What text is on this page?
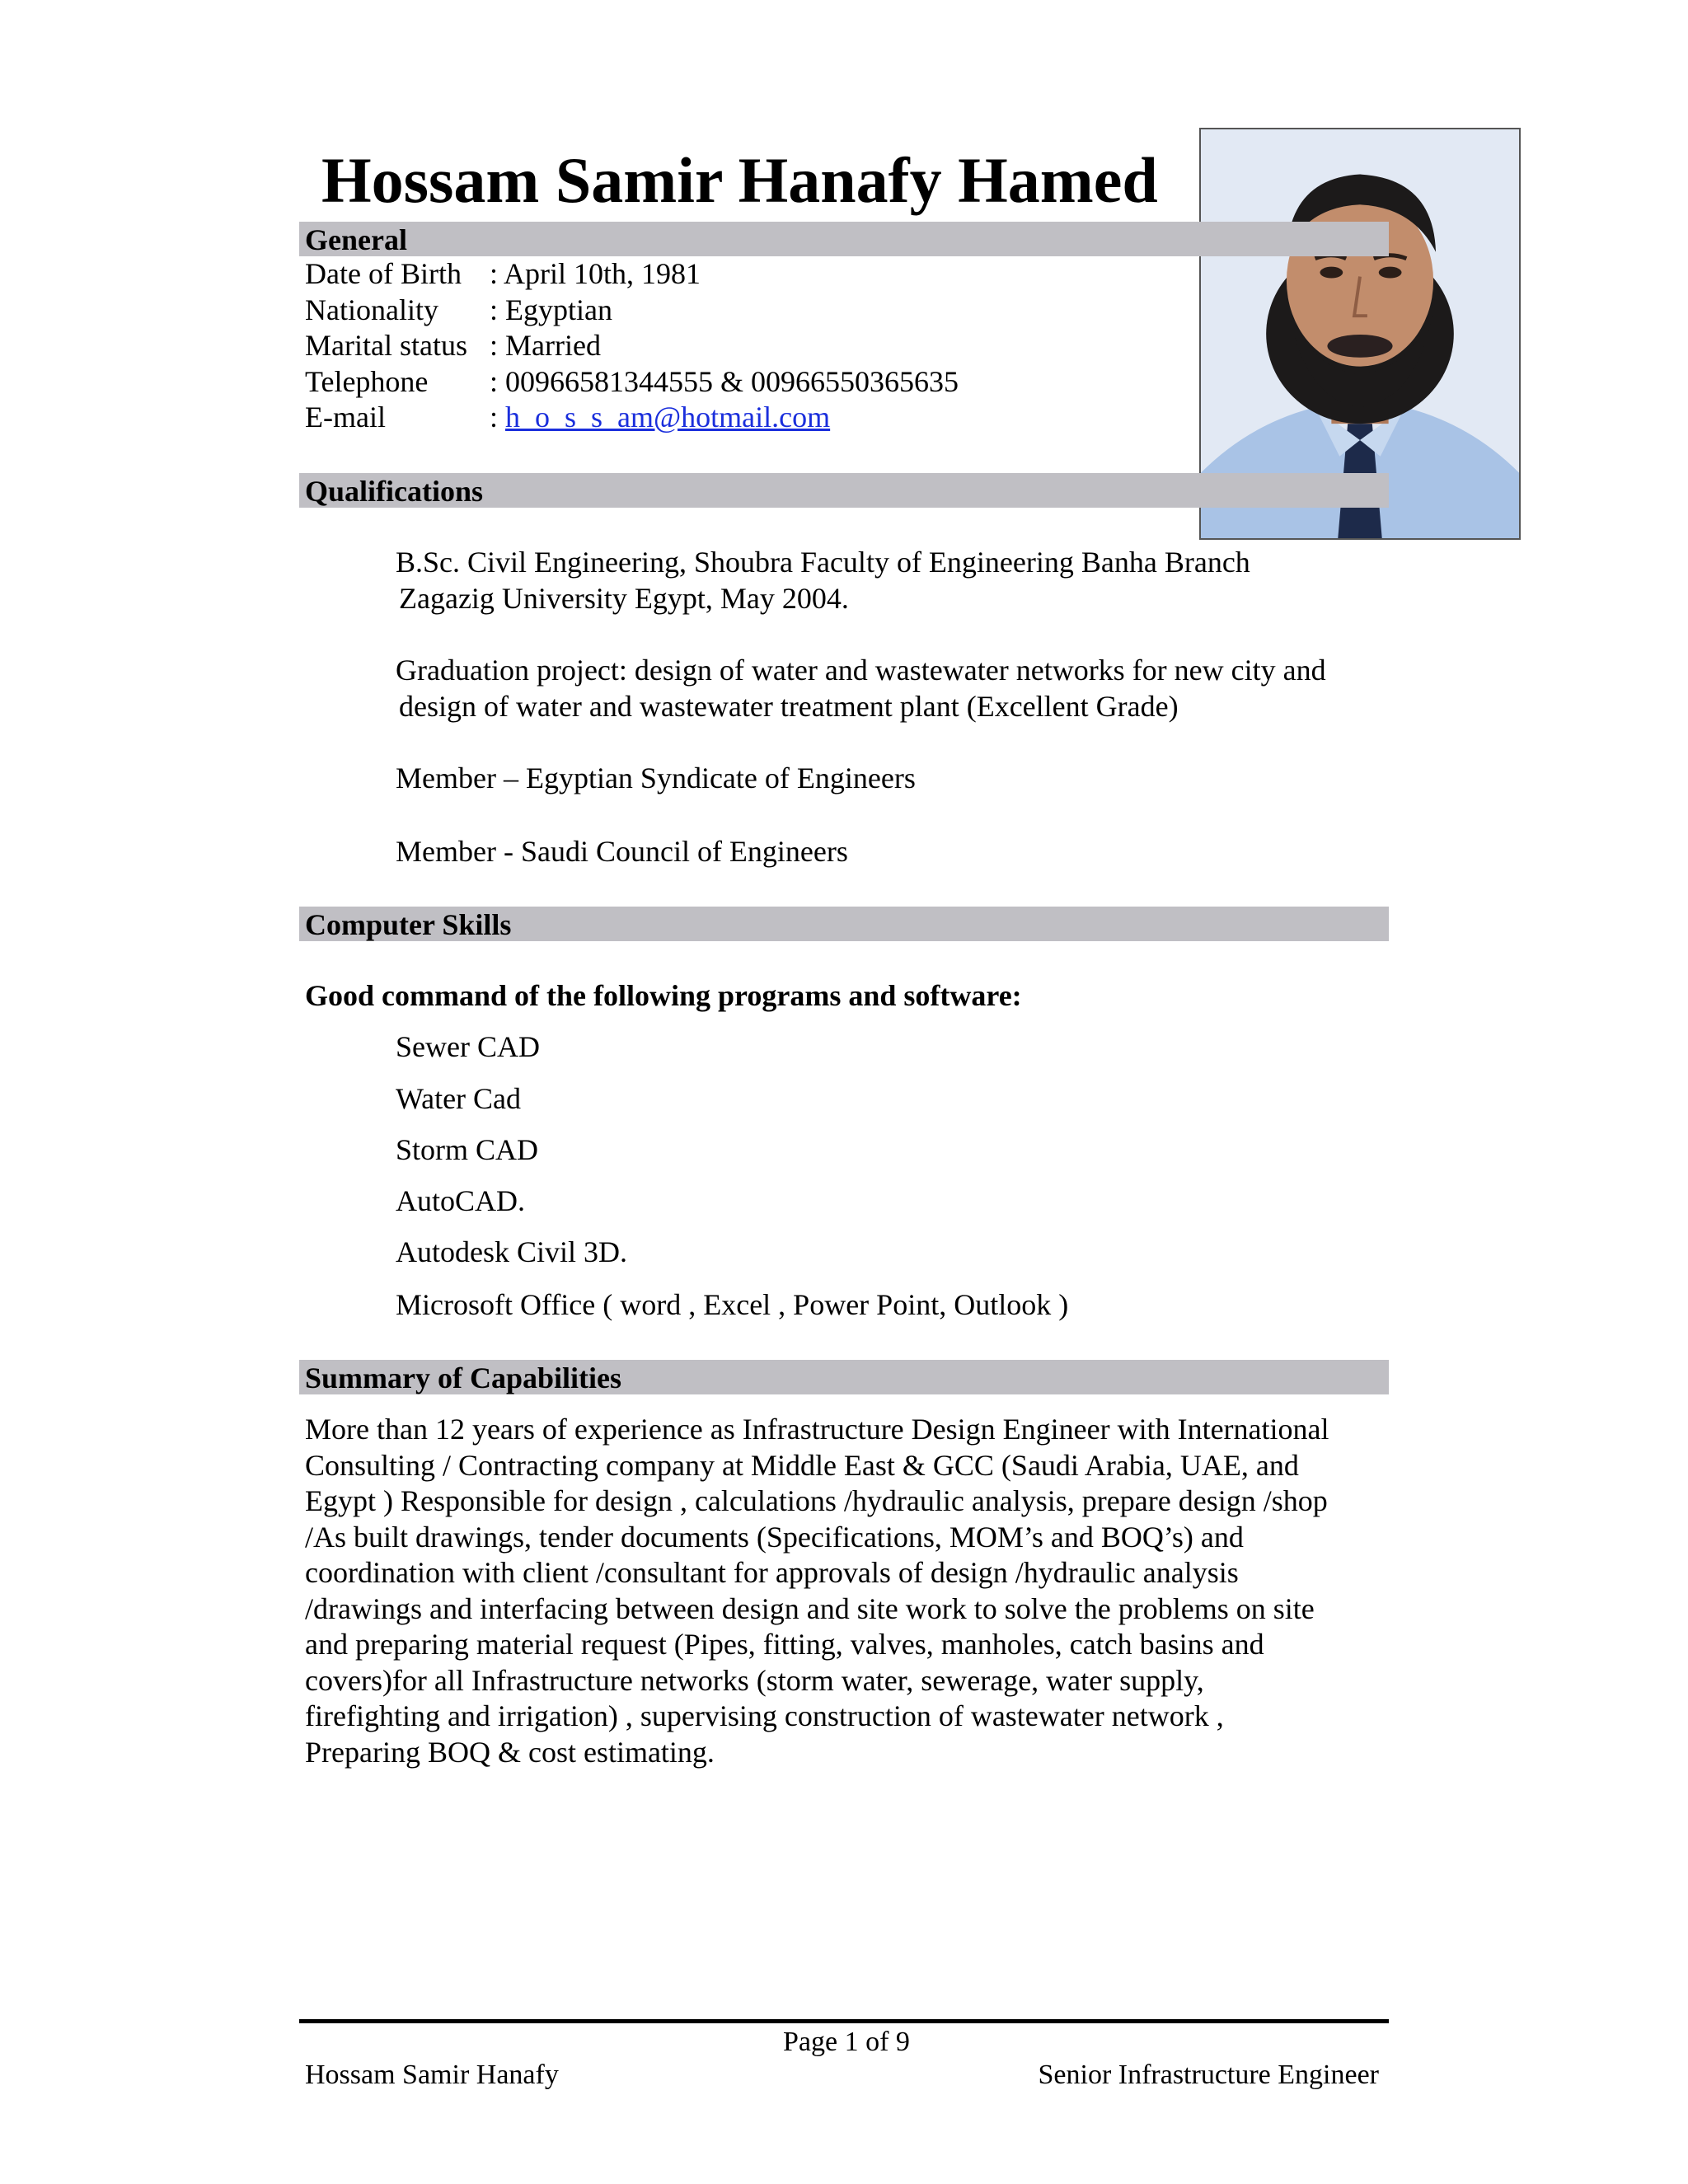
Hossam Samir Hanafy Hamed
General
Date of Birth : April 10th, 1981
Nationality : Egyptian
Marital status : Married
Telephone : 00966581344555 & 00966550365635
E-mail	: h_o_s_s_am@hotmail.com
Qualifications
B.Sc. Civil Engineering, Shoubra Faculty of Engineering Banha Branch
Zagazig University Egypt, May 2004.
Graduation project: design of water and wastewater networks for new city and
design of water and wastewater treatment plant (Excellent Grade)
Member – Egyptian Syndicate of Engineers
Member - Saudi Council of Engineers
Computer Skills
Good command of the following programs and software:
Sewer CAD
Water Cad
Storm CAD
AutoCAD.
Autodesk Civil 3D.
Microsoft Office ( word , Excel , Power Point, Outlook )
Summary of Capabilities

More than 12 years of experience as Infrastructure Design Engineer with International

Consulting / Contracting company at Middle East & GCC (Saudi Arabia, UAE, and

Egypt ) Responsible for design , calculations /hydraulic analysis, prepare design /shop

/As built drawings, tender documents (Specifications, MOM’s and BOQ’s) and

coordination with client /consultant for approvals of design /hydraulic analysis

/drawings and interfacing between design and site work to solve the problems on site

and preparing material request (Pipes, fitting, valves, manholes, catch basins and

covers)for all Infrastructure networks (storm water, sewerage, water supply,

firefighting and irrigation) , supervising construction of wastewater network ,

Preparing BOQ & cost estimating.

Page 1 of 9
Hossam Samir Hanafy	Senior Infrastructure Engineer
